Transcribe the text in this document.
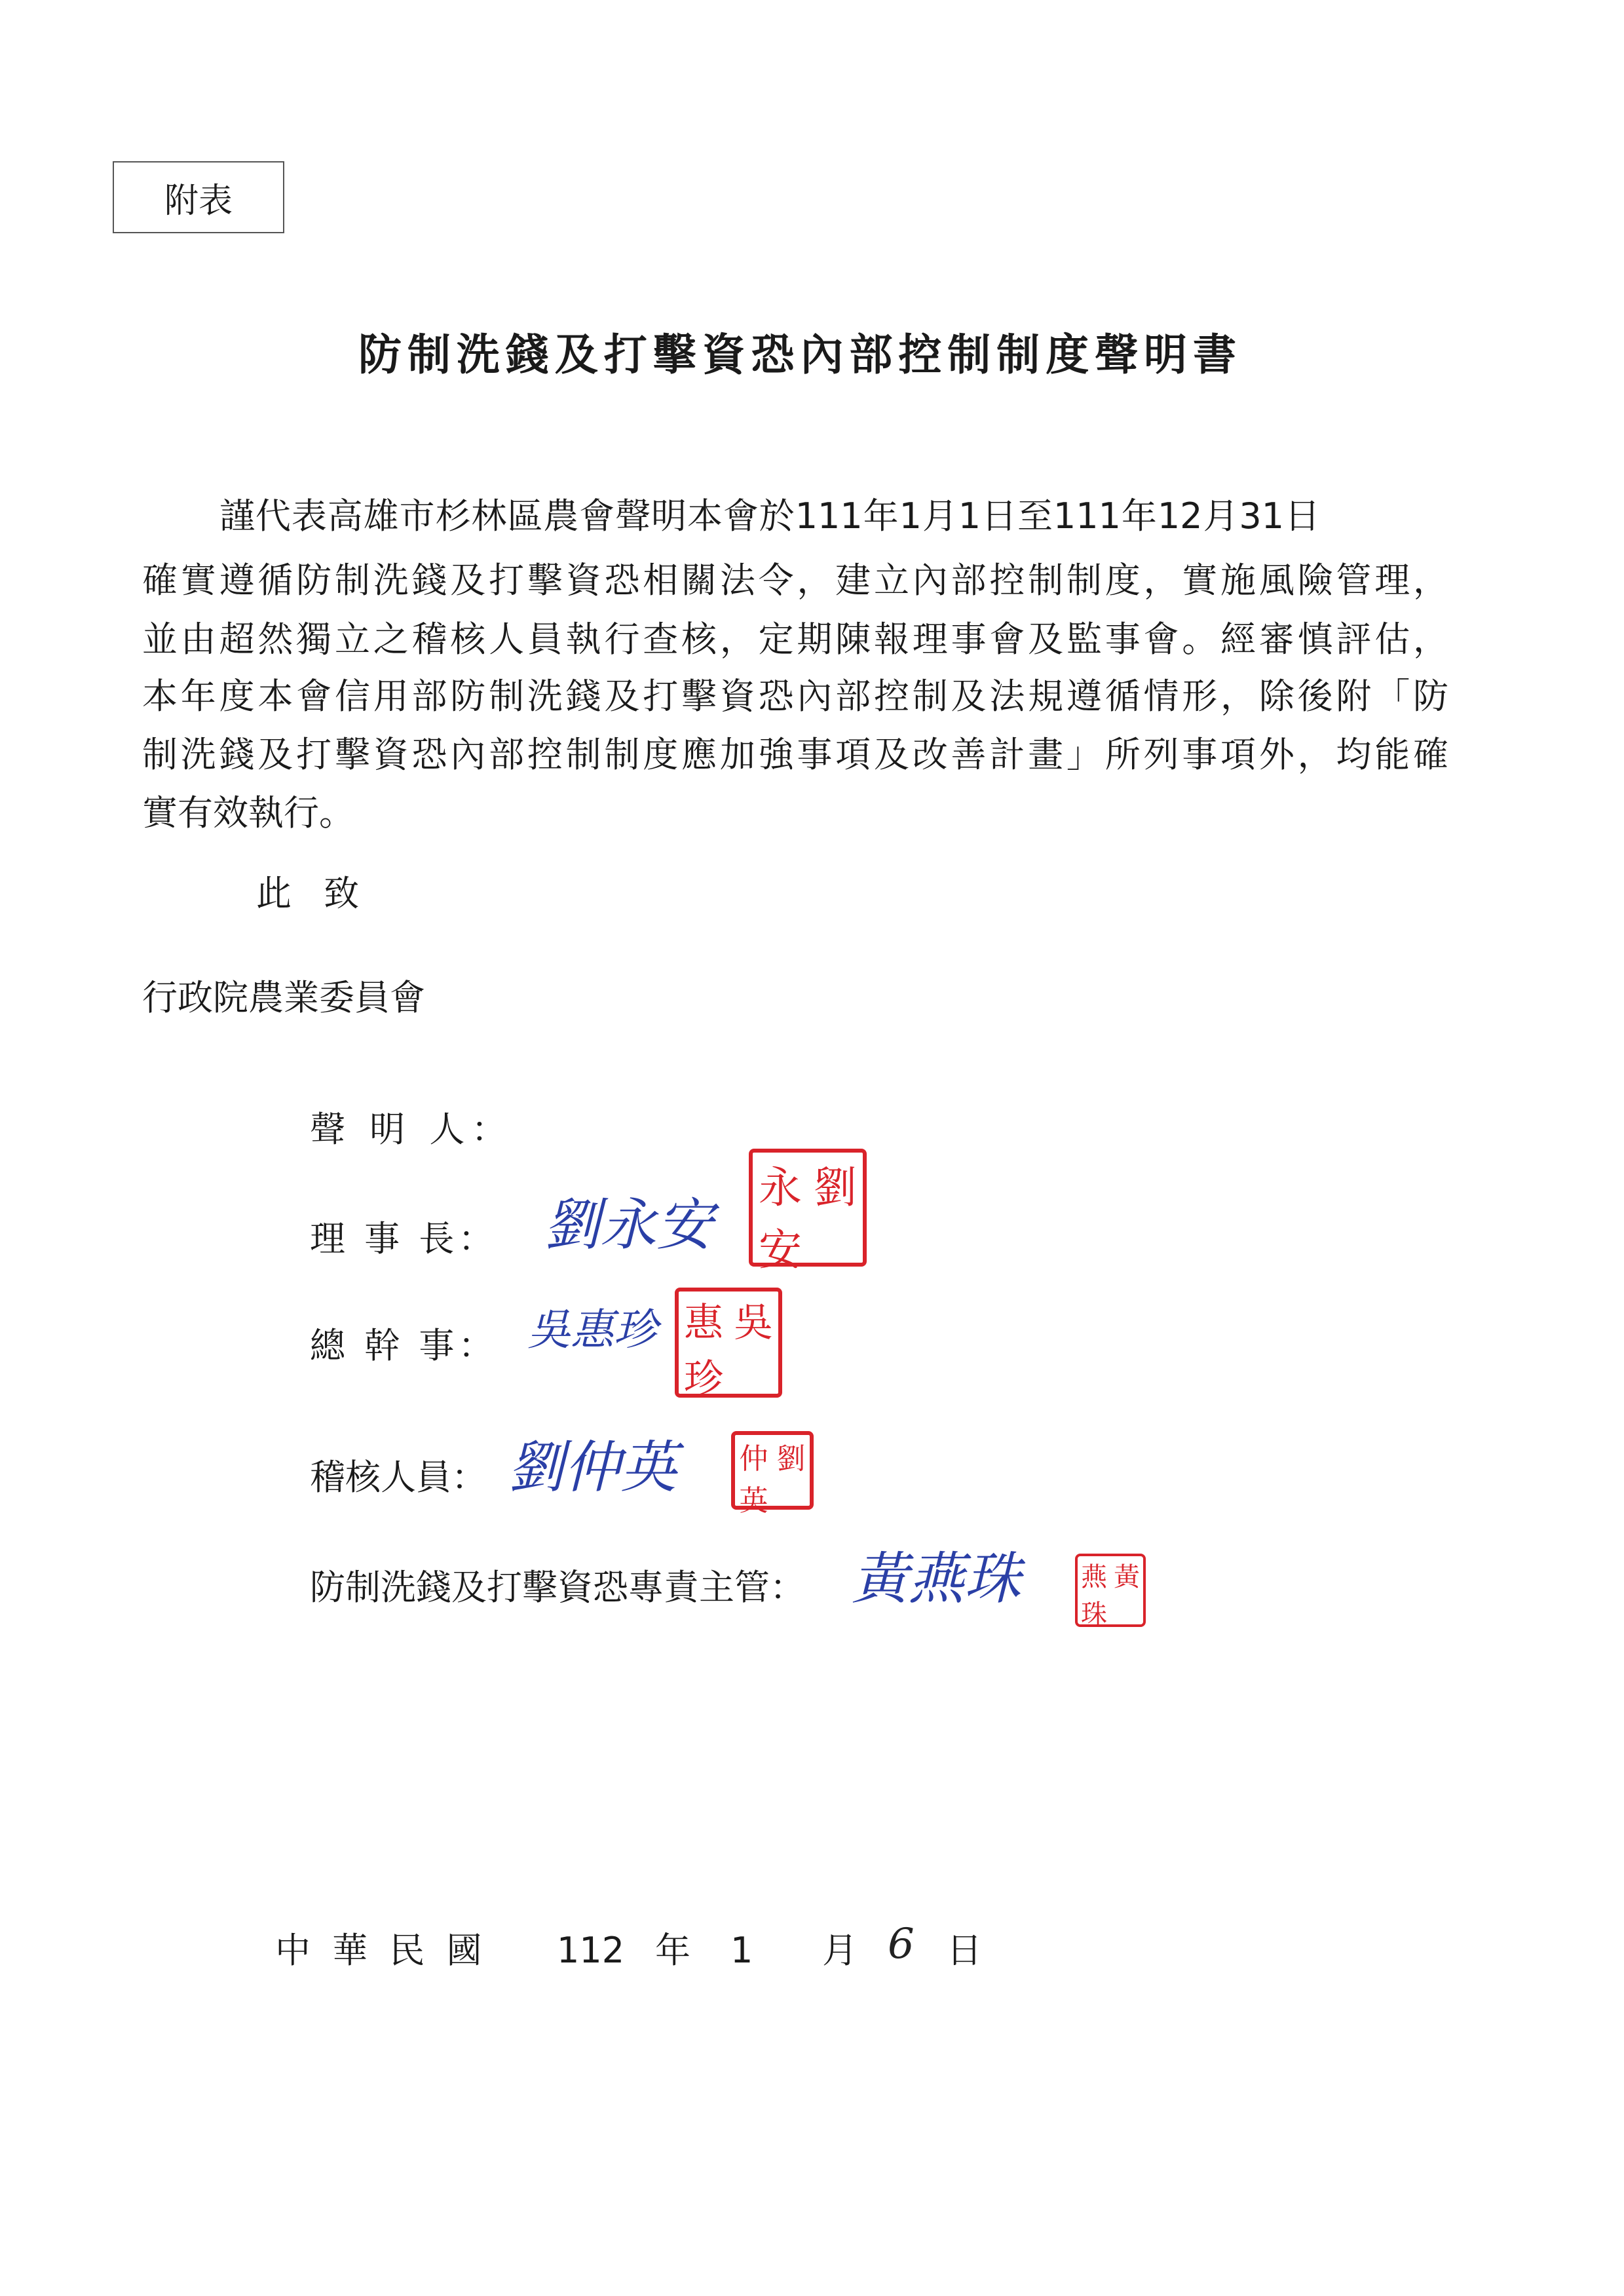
附表
防制洗錢及打擊資恐內部控制制度聲明書
謹代表高雄市杉林區農會聲明本會於111年1月1日至111年12月31日
確實遵循防制洗錢及打擊資恐相關法令，建立內部控制制度，實施風險管理，
並由超然獨立之稽核人員執行查核，定期陳報理事會及監事會。經審慎評估，
本年度本會信用部防制洗錢及打擊資恐內部控制及法規遵循情形，除後附「防
制洗錢及打擊資恐內部控制制度應加強事項及改善計畫」所列事項外，均能確
實有效執行。
此 致
行政院農業委員會
聲 明 人：
理 事 長： 劉永安
劉
永
安
總 幹 事： 吳惠珍 吳
惠
珍
稽核人員： 劉仲英	劉
仲
英
防制洗錢及打擊資恐專責主管： 黃燕珠	黃
燕
珠
中 華 民 國 112 年 1 月 6 日
